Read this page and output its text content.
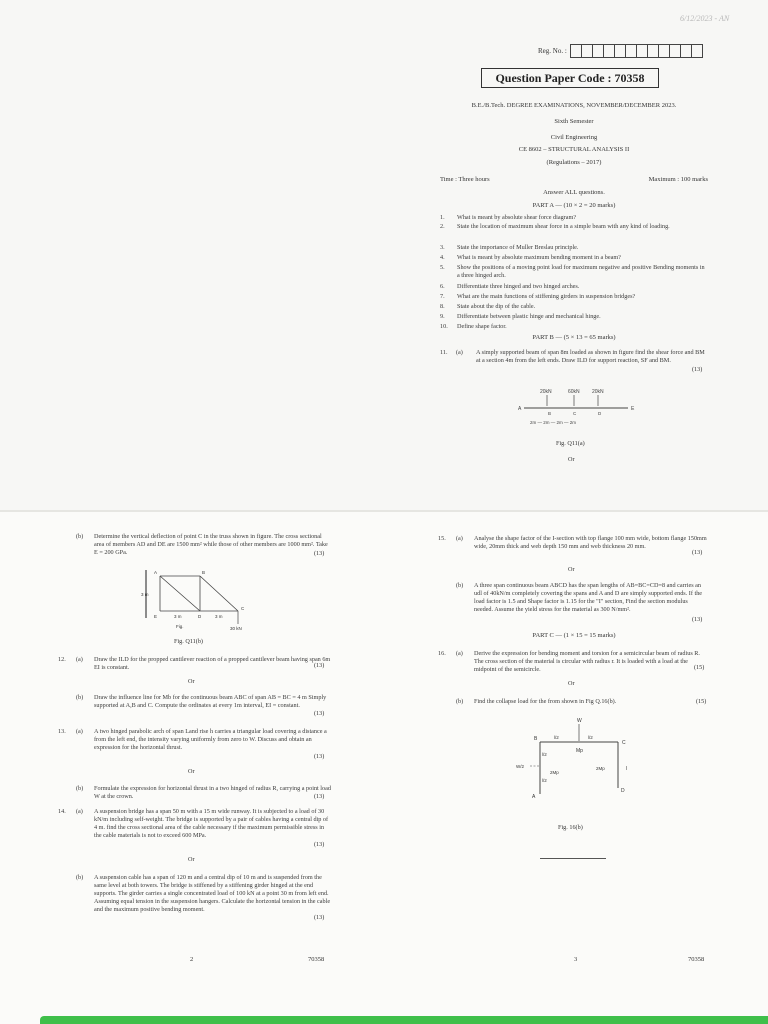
6/12/2023 - AN
Reg. No. :
Question Paper Code : 70358
B.E./B.Tech. DEGREE EXAMINATIONS, NOVEMBER/DECEMBER 2023.
Sixth Semester
Civil Engineering
CE 8602 – STRUCTURAL ANALYSIS II
(Regulations – 2017)
Time : Three hours	Maximum : 100 marks
Answer ALL questions.
PART A — (10 × 2 = 20 marks)
1. What is meant by absolute shear force diagram?
2. State the location of maximum shear force in a simple beam with any kind of loading.
3. State the importance of Muller Breslau principle.
4. What is meant by absolute maximum bending moment in a beam?
5. Show the positions of a moving point load for maximum negative and positive Bending moments in a three hinged arch.
6. Differentiate three hinged and two hinged arches.
7. What are the main functions of stiffening girders in suspension bridges?
8. State about the dip of the cable.
9. Differentiate between plastic hinge and mechanical hinge.
10. Define shape factor.
PART B — (5 × 13 = 65 marks)
11. (a) A simply supported beam of span 8m loaded as shown in figure find the shear force and BM at a section 4m from the left ends. Draw ILD for support reaction, SF and BM.
(13)
20kN	60kN 20kN
A
B	C	D
E
2m — 2m — 2m — 2m
Fig. Q11(a)
Or
(b) Determine the vertical deflection of point C in the truss shown in figure. The cross sectional area of members AD and DE are 1500 mm² while those of other members are 1000 mm². Take E = 200 GPa.	(13)
A	B
C
D
E
3 m
3 m	3 m
30 kN
Fig.
Fig. Q11(b)
12. (a) Draw the ILD for the propped cantilever reaction of a propped cantilever beam having span 6m EI is constant.	(13)
Or
(b) Draw the influence line for Mb for the continuous beam ABC of span AB = BC = 4 m Simply supported at A,B and C. Compute the ordinates at every 1m interval, EI = constant.
(13)
13. (a) A two hinged parabolic arch of span Land rise h carries a triangular load covering a distance a from the left end, the intensity varying uniformly from zero to W. Discuss and obtain an expression for the horizontal thrust.
(13)
Or
(b) Formulate the expression for horizontal thrust in a two hinged of radius R, carrying a point load W at the crown.	(13)
14. (a) A suspension bridge has a span 50 m with a 15 m wide runway. It is subjected to a load of 30 kN/m including self-weight. The bridge is supported by a pair of cables having a central dip of 4 m. find the cross sectional area of the cable necessary if the maximum permissible stress in the cable materials is not to exceed 600 MPa.
(13)
Or
(b) A suspension cable has a span of 120 m and a central dip of 10 m and is suspended from the same level at both towers. The bridge is stiffened by a stiffening girder hinged at the end supports. The girder carries a single concentrated load of 100 kN at a point 30 m from left end. Assuming equal tension in the suspension hangers. Calculate the horizontal tension in the cable and the maximum positive bending moment.
(13)
2	70358
15. (a) Analyse the shape factor of the I-section with top flange 100 mm wide, bottom flange 150mm wide, 20mm thick and web depth 150 mm and web thickness 20 mm.
(13)
Or
(b) A three span continuous beam ABCD has the span lengths of AB=BC=CD=8 and carries an udl of 40kN/m completely covering the spans and A and D are simply supported ends. If the load factor is 1.5 and Shape factor is 1.15 for the "I" section, Find the section modulus needed. Assume the yield stress for the material as 300 N/mm².
(13)
PART C — (1 × 15 = 15 marks)
16. (a) Derive the expression for bending moment and torsion for a semicircular beam of radius R. The cross section of the material is circular with radius r. It is loaded with a load at the midpoint of the semicircle.	(15)
Or
(b) Find the collapse load for the from shown in Fig Q.16(b).	(15)
W
B	l/2	l/2
C
Mp
W/2
2Mp
2Mp	l
l/2
l/2
A
D
Fig. 16(b)
3	70358
